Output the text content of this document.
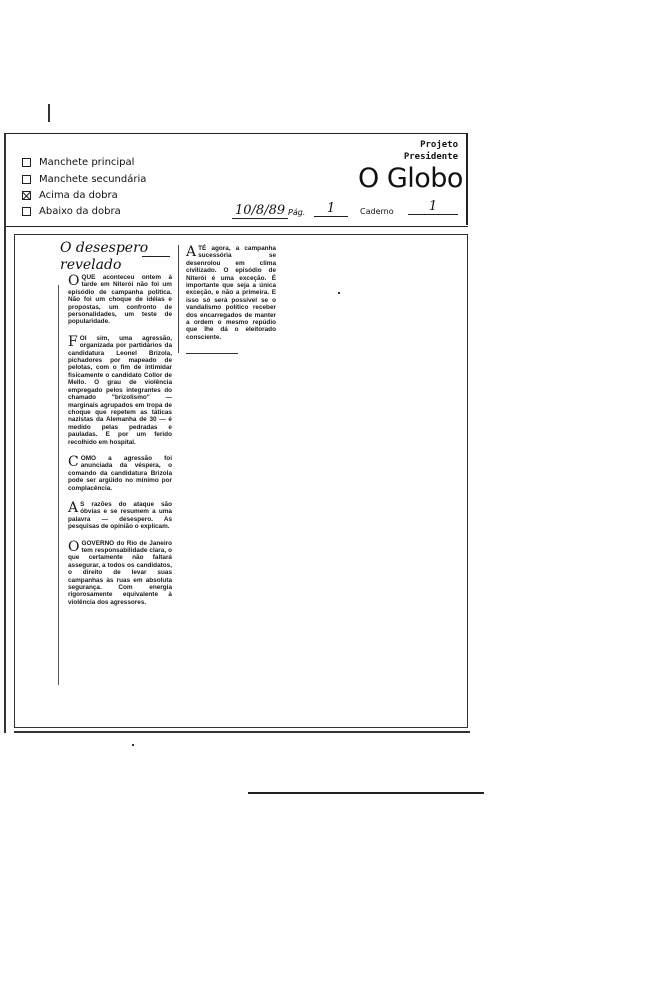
Manchete principal
Manchete secundária
Acima da dobra
Abaixo da dobra
Projeto
Presidente
O Globo
10/8/89 Pág.	1	Caderno	1
O desespero revelado

OQUE aconteceu ontem à tarde em Niterói não foi um episódio de campanha política. Não foi um choque de idéias e propostas, um confronto de personalidades, um teste de popularidade.

FOI sim, uma agressão, organizada por partidários da candidatura Leonel Brizola, pichadores por mapeado de pelotas, com o fim de intimidar fisicamente o candidato Collor de Mello. O grau de violência empregado pelos integrantes do chamado "brizolismo" — marginais agrupados em tropa de choque que repetem as táticas nazistas da Alemanha de 30 — é medido pelas pedradas e pauladas. E por um ferido recolhido em hospital.

COMO a agressão foi anunciada da véspera, o comando da candidatura Brizola pode ser argüido no mínimo por complacência.

A S razões do ataque são óbvias e se resumem a uma palavra — desespero. As pesquisas de opinião o explicam.

OGOVERNO do Rio de Janeiro tem responsabilidade clara, o que certamente não faltará assegurar, a todos os candidatos, o direito de levar suas campanhas às ruas em absoluta segurança. Com energia rigorosamente equivalente à violência dos agressores.

ATÉ agora, a campanha sucessória se desenrolou em clima civilizado. O episódio de Niterói é uma exceção. É importante que seja a única exceção, e não a primeira. E isso só será possível se o vandalismo político receber dos encarregados de manter a ordem o mesmo repúdio que lhe dá o eleitorado consciente.
